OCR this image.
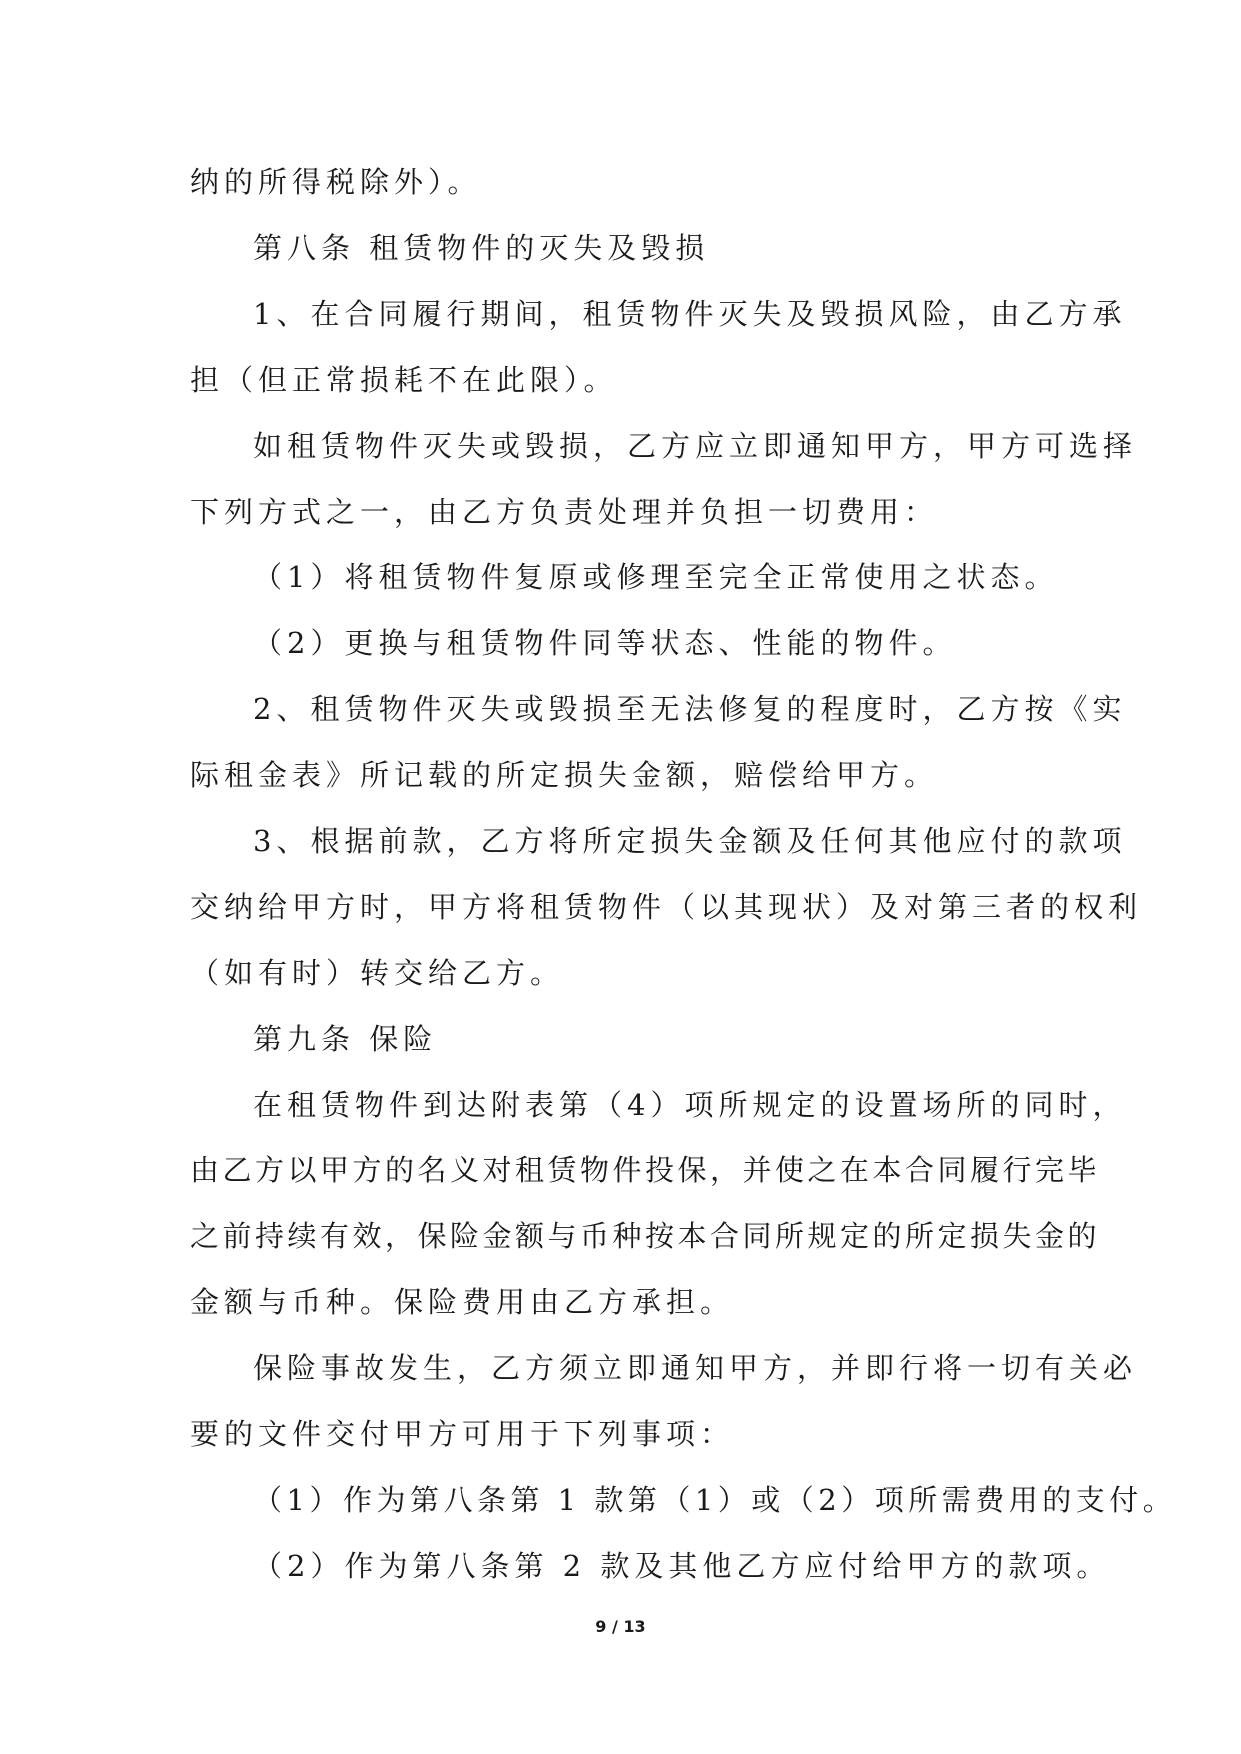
纳的所得税除外）。
第八条 租赁物件的灭失及毁损
1、在合同履行期间，租赁物件灭失及毁损风险，由乙方承
担（但正常损耗不在此限）。
如租赁物件灭失或毁损，乙方应立即通知甲方，甲方可选择
下列方式之一，由乙方负责处理并负担一切费用：
（1）将租赁物件复原或修理至完全正常使用之状态。
（2）更换与租赁物件同等状态、性能的物件。
2、租赁物件灭失或毁损至无法修复的程度时，乙方按《实
际租金表》所记载的所定损失金额，赔偿给甲方。
3、根据前款，乙方将所定损失金额及任何其他应付的款项
交纳给甲方时，甲方将租赁物件（以其现状）及对第三者的权利
（如有时）转交给乙方。
第九条 保险
在租赁物件到达附表第（4）项所规定的设置场所的同时，
由乙方以甲方的名义对租赁物件投保，并使之在本合同履行完毕
之前持续有效，保险金额与币种按本合同所规定的所定损失金的
金额与币种。保险费用由乙方承担。
保险事故发生，乙方须立即通知甲方，并即行将一切有关必
要的文件交付甲方可用于下列事项：
（1）作为第八条第 1 款第（1）或（2）项所需费用的支付。
（2）作为第八条第 2 款及其他乙方应付给甲方的款项。
9 / 13
